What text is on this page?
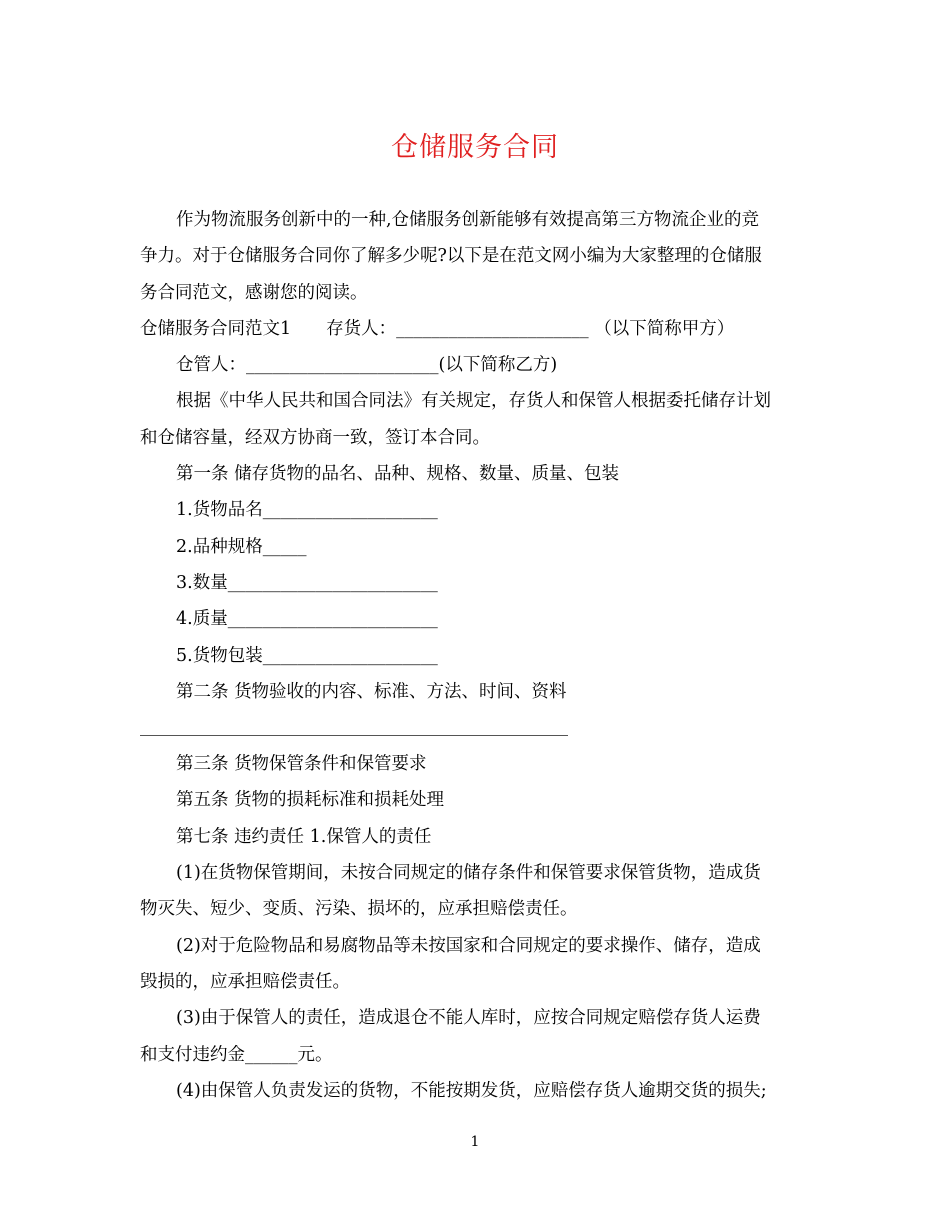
仓储服务合同

作为物流服务创新中的一种,仓储服务创新能够有效提高第三方物流企业的竞

争力。对于仓储服务合同你了解多少呢?以下是在范文网小编为大家整理的仓储服

务合同范文，感谢您的阅读。

仓储服务合同范文1　　存货人：______________________ （以下简称甲方）

仓管人：______________________(以下简称乙方)

根据《中华人民共和国合同法》有关规定，存货人和保管人根据委托储存计划

和仓储容量，经双方协商一致，签订本合同。

第一条 储存货物的品名、品种、规格、数量、质量、包装

1.货物品名____________________

2.品种规格_____

3.数量________________________

4.质量________________________

5.货物包装____________________

第二条 货物验收的内容、标准、方法、时间、资料

第三条 货物保管条件和保管要求

第五条 货物的损耗标准和损耗处理

第七条 违约责任 1.保管人的责任

(1)在货物保管期间，未按合同规定的储存条件和保管要求保管货物，造成货

物灭失、短少、变质、污染、损坏的，应承担赔偿责任。

(2)对于危险物品和易腐物品等未按国家和合同规定的要求操作、储存，造成

毁损的，应承担赔偿责任。

(3)由于保管人的责任，造成退仓不能人库时，应按合同规定赔偿存货人运费

和支付违约金______元。

(4)由保管人负责发运的货物，不能按期发货，应赔偿存货人逾期交货的损失;

1
